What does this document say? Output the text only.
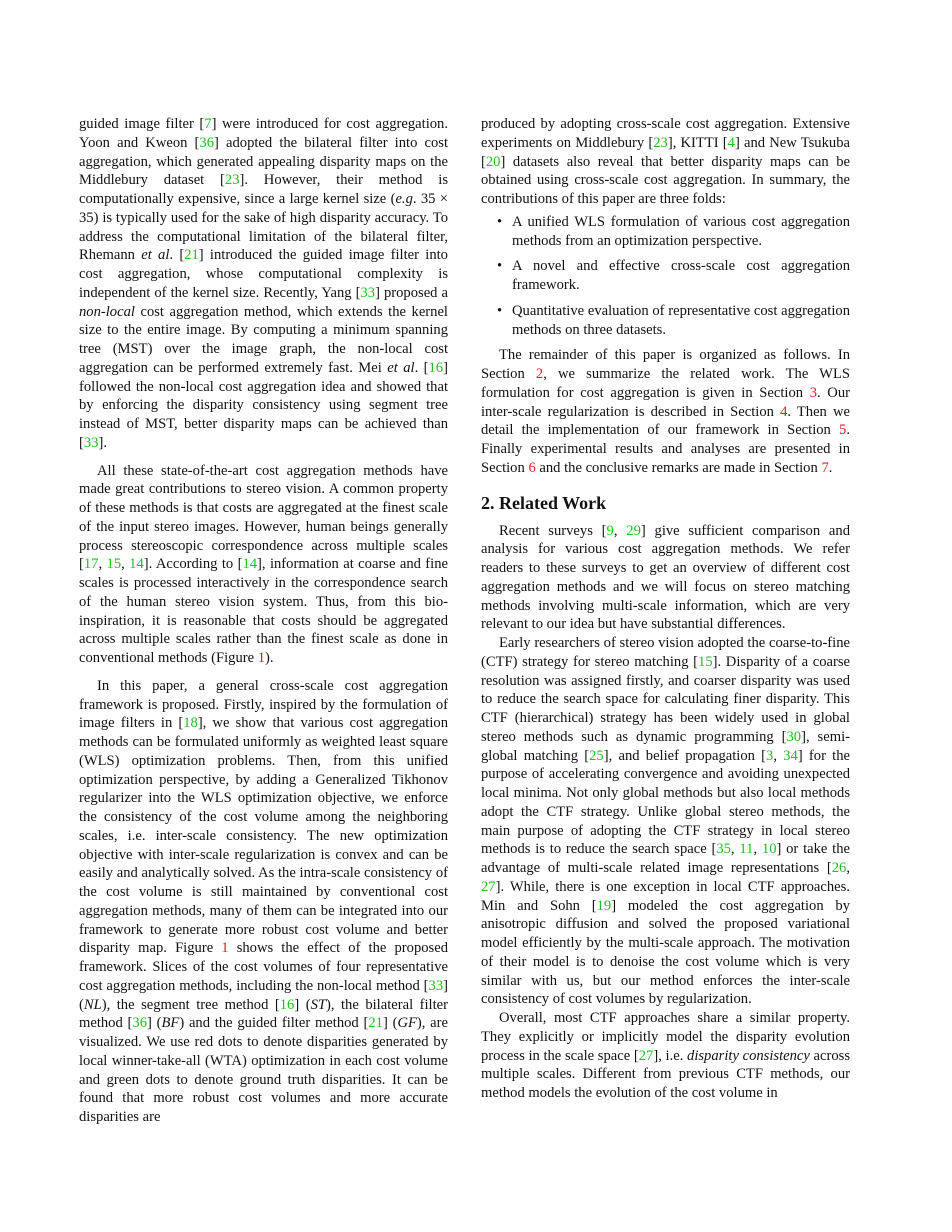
guided image filter [7] were introduced for cost aggregation. Yoon and Kweon [36] adopted the bilateral filter into cost aggregation, which generated appealing disparity maps on the Middlebury dataset [23]. However, their method is computationally expensive, since a large kernel size (e.g. 35 × 35) is typically used for the sake of high disparity accuracy. To address the computational limitation of the bilateral filter, Rhemann et al. [21] introduced the guided image filter into cost aggregation, whose computational complexity is independent of the kernel size. Recently, Yang [33] proposed a non-local cost aggregation method, which extends the kernel size to the entire image. By computing a minimum spanning tree (MST) over the image graph, the non-local cost aggregation can be performed extremely fast. Mei et al. [16] followed the non-local cost aggregation idea and showed that by enforcing the disparity consistency using segment tree instead of MST, better disparity maps can be achieved than [33].

All these state-of-the-art cost aggregation methods have made great contributions to stereo vision. A common property of these methods is that costs are aggregated at the finest scale of the input stereo images. However, human beings generally process stereoscopic correspondence across multiple scales [17, 15, 14]. According to [14], information at coarse and fine scales is processed interactively in the correspondence search of the human stereo vision system. Thus, from this bio-inspiration, it is reasonable that costs should be aggregated across multiple scales rather than the finest scale as done in conventional methods (Figure 1).

In this paper, a general cross-scale cost aggregation framework is proposed. Firstly, inspired by the formulation of image filters in [18], we show that various cost aggregation methods can be formulated uniformly as weighted least square (WLS) optimization problems. Then, from this unified optimization perspective, by adding a Generalized Tikhonov regularizer into the WLS optimization objective, we enforce the consistency of the cost volume among the neighboring scales, i.e. inter-scale consistency. The new optimization objective with inter-scale regularization is convex and can be easily and analytically solved. As the intra-scale consistency of the cost volume is still maintained by conventional cost aggregation methods, many of them can be integrated into our framework to generate more robust cost volume and better disparity map. Figure 1 shows the effect of the proposed framework. Slices of the cost volumes of four representative cost aggregation methods, including the non-local method [33] (NL), the segment tree method [16] (ST), the bilateral filter method [36] (BF) and the guided filter method [21] (GF), are visualized. We use red dots to denote disparities generated by local winner-take-all (WTA) optimization in each cost volume and green dots to denote ground truth disparities. It can be found that more robust cost volumes and more accurate disparities are

produced by adopting cross-scale cost aggregation. Extensive experiments on Middlebury [23], KITTI [4] and New Tsukuba [20] datasets also reveal that better disparity maps can be obtained using cross-scale cost aggregation. In summary, the contributions of this paper are three folds:

• A unified WLS formulation of various cost aggregation methods from an optimization perspective.
• A novel and effective cross-scale cost aggregation framework.
• Quantitative evaluation of representative cost aggregation methods on three datasets.

The remainder of this paper is organized as follows. In Section 2, we summarize the related work. The WLS formulation for cost aggregation is given in Section 3. Our inter-scale regularization is described in Section 4. Then we detail the implementation of our framework in Section 5. Finally experimental results and analyses are presented in Section 6 and the conclusive remarks are made in Section 7.

2. Related Work

Recent surveys [9, 29] give sufficient comparison and analysis for various cost aggregation methods. We refer readers to these surveys to get an overview of different cost aggregation methods and we will focus on stereo matching methods involving multi-scale information, which are very relevant to our idea but have substantial differences.

Early researchers of stereo vision adopted the coarse-to-fine (CTF) strategy for stereo matching [15]. Disparity of a coarse resolution was assigned firstly, and coarser disparity was used to reduce the search space for calculating finer disparity. This CTF (hierarchical) strategy has been widely used in global stereo methods such as dynamic programming [30], semi-global matching [25], and belief propagation [3, 34] for the purpose of accelerating convergence and avoiding unexpected local minima. Not only global methods but also local methods adopt the CTF strategy. Unlike global stereo methods, the main purpose of adopting the CTF strategy in local stereo methods is to reduce the search space [35, 11, 10] or take the advantage of multi-scale related image representations [26, 27]. While, there is one exception in local CTF approaches. Min and Sohn [19] modeled the cost aggregation by anisotropic diffusion and solved the proposed variational model efficiently by the multi-scale approach. The motivation of their model is to denoise the cost volume which is very similar with us, but our method enforces the inter-scale consistency of cost volumes by regularization.

Overall, most CTF approaches share a similar property. They explicitly or implicitly model the disparity evolution process in the scale space [27], i.e. disparity consistency across multiple scales. Different from previous CTF methods, our method models the evolution of the cost volume in
